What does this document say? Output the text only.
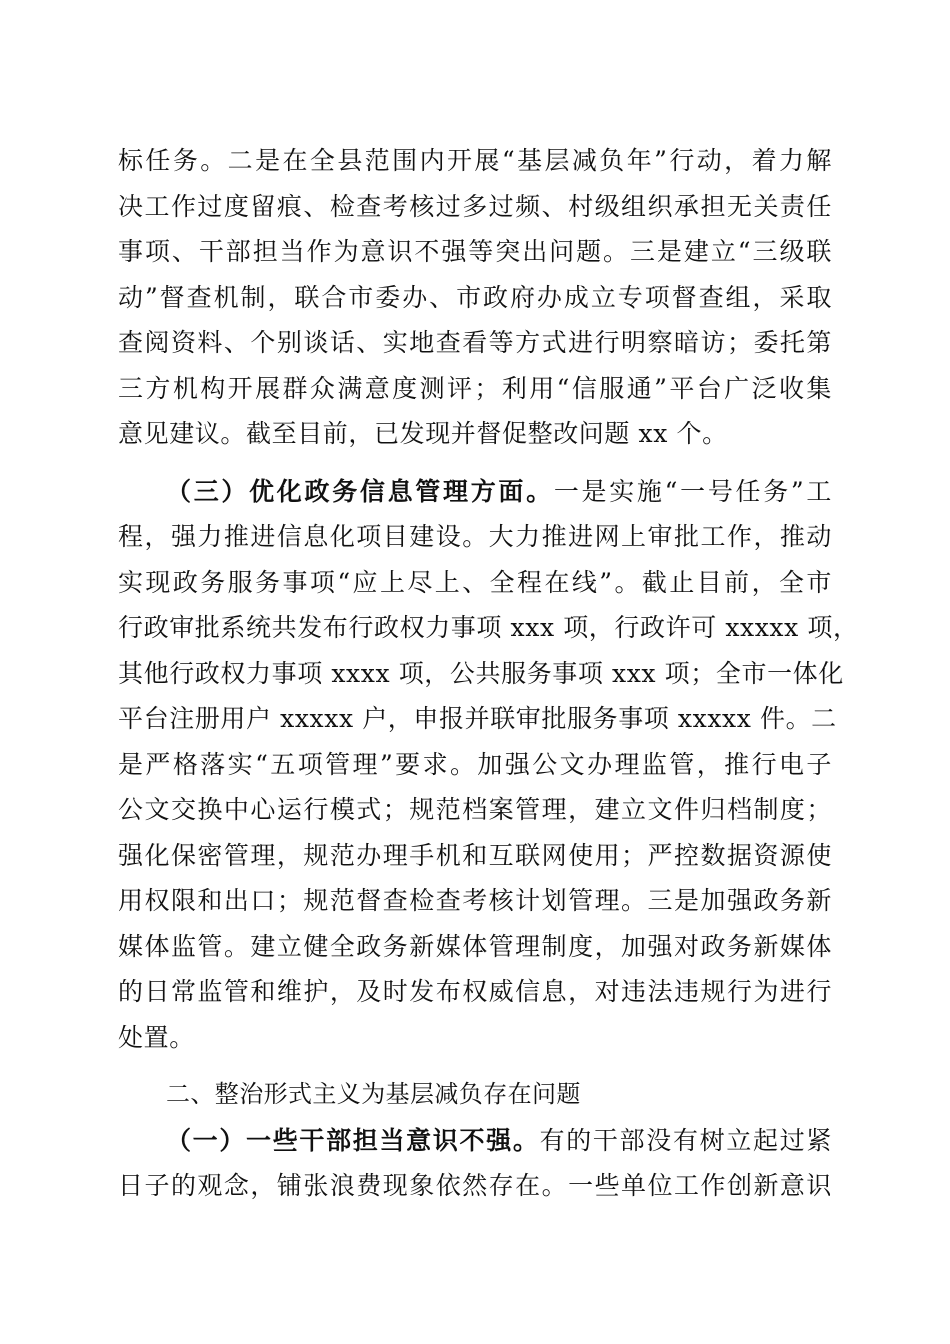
标任务。二是在全县范围内开展“基层减负年”行动，着力解
决工作过度留痕、检查考核过多过频、村级组织承担无关责任
事项、干部担当作为意识不强等突出问题。三是建立“三级联
动”督查机制，联合市委办、市政府办成立专项督查组，采取
查阅资料、个别谈话、实地查看等方式进行明察暗访；委托第
三方机构开展群众满意度测评；利用“信服通”平台广泛收集
意见建议。截至目前，已发现并督促整改问题 xx 个。
（三）优化政务信息管理方面。一是实施“一号任务”工
程，强力推进信息化项目建设。大力推进网上审批工作，推动
实现政务服务事项“应上尽上、全程在线”。截止目前，全市
行政审批系统共发布行政权力事项 xxx 项，行政许可 xxxxx 项，
其他行政权力事项 xxxx 项，公共服务事项 xxx 项；全市一体化
平台注册用户 xxxxx 户，申报并联审批服务事项 xxxxx 件。二
是严格落实“五项管理”要求。加强公文办理监管，推行电子
公文交换中心运行模式；规范档案管理，建立文件归档制度；
强化保密管理，规范办理手机和互联网使用；严控数据资源使
用权限和出口；规范督查检查考核计划管理。三是加强政务新
媒体监管。建立健全政务新媒体管理制度，加强对政务新媒体
的日常监管和维护，及时发布权威信息，对违法违规行为进行
处置。
二、整治形式主义为基层减负存在问题
（一）一些干部担当意识不强。有的干部没有树立起过紧
日子的观念，铺张浪费现象依然存在。一些单位工作创新意识
